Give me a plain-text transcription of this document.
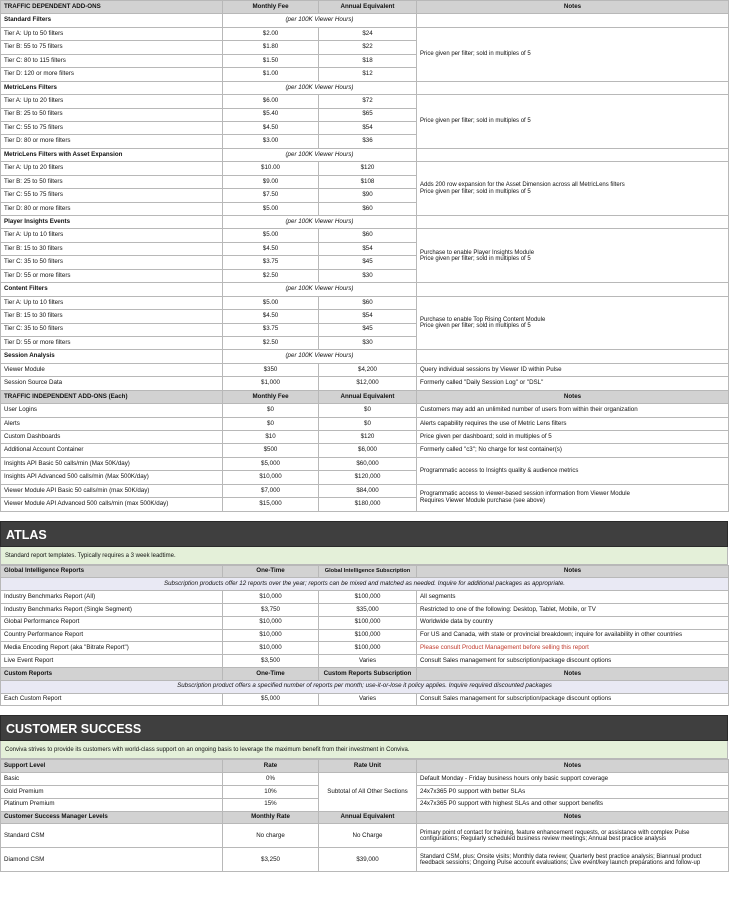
TRAFFIC DEPENDENT ADD-ONS	Monthly Fee	Annual Equivalent	Notes
Standard Filters	(per 100K Viewer Hours)		
Tier A: Up to 50 filters	$2.00	$24	Price given per filter; sold in multiples of 5

Tier B: 55 to 75 filters	$1.80	$22	
Tier C: 80 to 115 filters	$1.50	$18	
Tier D: 120 or more filters	$1.00	$12	
MetricLens Filters	(per 100K Viewer Hours)		
Tier A: Up to 20 filters	$6.00	$72	Price given per filter; sold in multiples of 5

Tier B: 25 to 50 filters	$5.40	$65	
Tier C: 55 to 75 filters	$4.50	$54	
Tier D: 80 or more filters	$3.00	$36	
MetricLens Filters with Asset Expansion	(per 100K Viewer Hours)		
Tier A: Up to 20 filters	$10.00	$120	Adds 200 row expansion for the Asset Dimension across all MetricLens filters
Price given per filter; sold in multiples of 5

Tier B: 25 to 50 filters	$9.00	$108	
Tier C: 55 to 75 filters	$7.50	$90	
Tier D: 80 or more filters	$5.00	$60	
Player Insights Events	(per 100K Viewer Hours)		
Tier A: Up to 10 filters	$5.00	$60	Purchase to enable Player Insights Module
Price given per filter; sold in multiples of 5

Tier B: 15 to 30 filters	$4.50	$54	
Tier C: 35 to 50 filters	$3.75	$45	
Tier D: 55 or more filters	$2.50	$30	
Content Filters	(per 100K Viewer Hours)		
Tier A: Up to 10 filters	$5.00	$60	Purchase to enable Top Rising Content Module
Price given per filter; sold in multiples of 5

Tier B: 15 to 30 filters	$4.50	$54	
Tier C: 35 to 50 filters	$3.75	$45	
Tier D: 55 or more filters	$2.50	$30	
Session Analysis	(per 100K Viewer Hours)		
Viewer Module	$350	$4,200	Query individual sessions by Viewer ID within Pulse
Session Source Data	$1,000	$12,000	Formerly called "Daily Session Log" or "DSL"
TRAFFIC INDEPENDENT ADD-ONS (Each)	Monthly Fee	Annual Equivalent	Notes
User Logins	$0	$0	Customers may add an unlimited number of users from within their organization
Alerts	$0	$0	Alerts capability requires the use of Metric Lens filters
Custom Dashboards	$10	$120	Price given per dashboard; sold in multiples of 5
Additional Account Container	$500	$6,000	Formerly called "c3"; No charge for test container(s)
Insights API Basic 50 calls/min (Max 50K/day)	$5,000	$60,000	Programmatic access to Insights quality & audience metrics
Insights API Advanced 500 calls/min (Max 500K/day)	$10,000	$120,000	
Viewer Module API Basic 50 calls/min (max 50K/day)	$7,000	$84,000	Programmatic access to viewer-based session information from Viewer Module
Requires Viewer Module purchase (see above)

Viewer Module API Advanced 500 calls/min (max 500K/day)	$15,000	$180,000	
ATLAS
Standard report templates. Typically requires a 3 week leadtime.
Global Intelligence Reports	One-Time	Global Intelligence Subscription	Notes
Subscription products offer 12 reports over the year; reports can be mixed and matched as needed. Inquire for additional packages as appropriate.			
Industry Benchmarks Report (All)	$10,000	$100,000	All segments
Industry Benchmarks Report (Single Segment)	$3,750	$35,000	Restricted to one of the following: Desktop, Tablet, Mobile, or TV
Global Performance Report	$10,000	$100,000	Worldwide data by country
Country Performance Report	$10,000	$100,000	For US and Canada, with state or provincial breakdown; inquire for availability in other countries
Media Encoding Report (aka "Bitrate Report")	$10,000	$100,000	Please consult Product Management before selling this report
Live Event Report	$3,500	Varies	Consult Sales management for subscription/package discount options
Custom Reports	One-Time	Custom Reports Subscription	Notes
Subscription product offers a specified number of reports per month; use-it-or-lose it policy applies. Inquire required discounted packages			
Each Custom Report	$5,000	Varies	Consult Sales management for subscription/package discount options
CUSTOMER SUCCESS
Conviva strives to provide its customers with world-class support on an ongoing basis to leverage the maximum benefit from their investment in Conviva.
Support Level	Rate	Rate Unit	Notes
Basic	0%	Subtotal of All Other Sections	Default Monday - Friday business hours only basic support coverage
Gold Premium	10%		24x7x365 P0 support with better SLAs
Platinum Premium	15%		24x7x365 P0 support with highest SLAs and other support benefits
Customer Success Manager Levels	Monthly Rate	Annual Equivalent	Notes
Standard CSM	No charge	No Charge	Primary point of contact for training, feature enhancement requests, or assistance with complex Pulse configurations; Regularly scheduled business review meetings; Annual best practice analysis
Diamond CSM	$3,250	$39,000	Standard CSM, plus: Onsite visits; Monthly data review; Quarterly best practice analysis; Biannual product feedback sessions; Ongoing Pulse account evaluations; Live event/key launch preparations and follow-up
